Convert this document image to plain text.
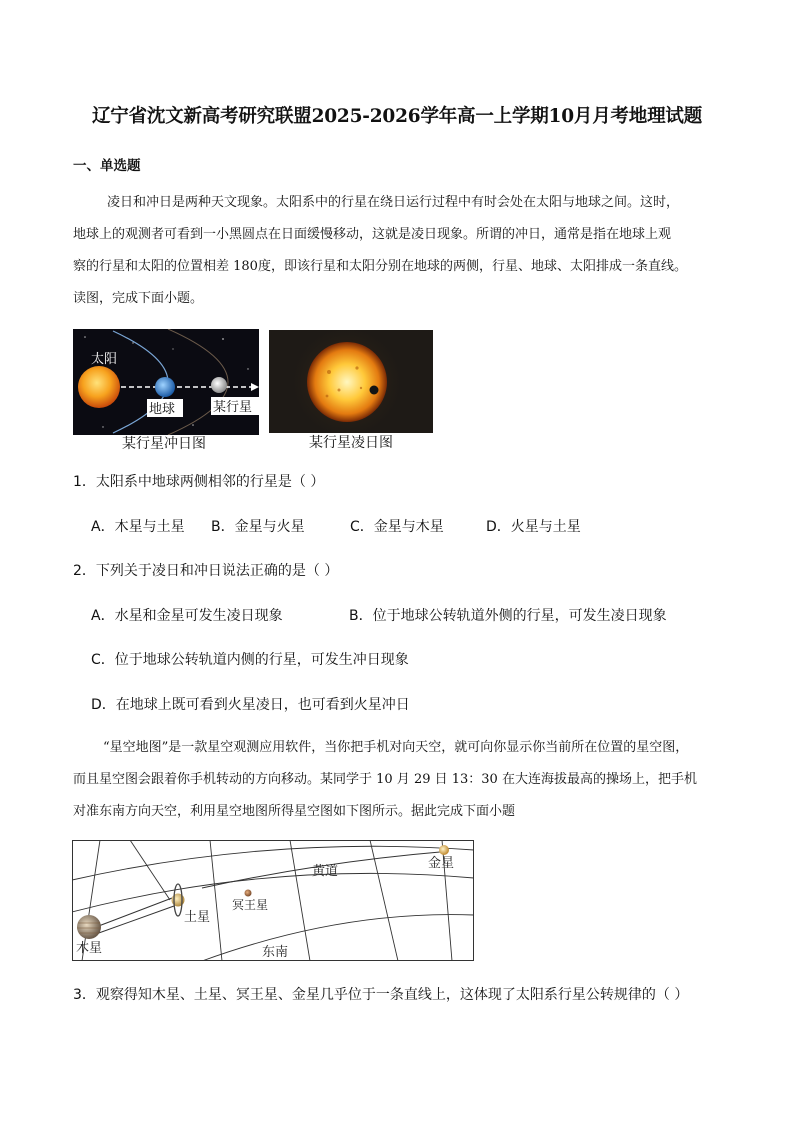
辽宁省沈文新高考研究联盟2025-2026学年高一上学期10月月考地理试题
一、单选题
凌日和冲日是两种天文现象。太阳系中的行星在绕日运行过程中有时会处在太阳与地球之间。这时，
地球上的观测者可看到一小黑圆点在日面缓慢移动，这就是凌日现象。所谓的冲日，通常是指在地球上观
察的行星和太阳的位置相差 180度，即该行星和太阳分别在地球的两侧，行星、地球、太阳排成一条直线。
读图，完成下面小题。
太阳
地球	某行星
某行星冲日图	某行星凌日图
1．太阳系中地球两侧相邻的行星是（ ）
A．木星与土星 B．金星与火星	C．金星与木星	D．火星与土星
2．下列关于凌日和冲日说法正确的是（ ）
A．水星和金星可发生凌日现象	B．位于地球公转轨道外侧的行星，可发生凌日现象
C．位于地球公转轨道内侧的行星，可发生冲日现象
D．在地球上既可看到火星凌日，也可看到火星冲日
“星空地图”是一款星空观测应用软件，当你把手机对向天空，就可向你显示你当前所在位置的星空图，
而且星空图会跟着你手机转动的方向移动。某同学于 10 月 29 日 13：30 在大连海拔最高的操场上，把手机
对准东南方向天空，利用星空地图所得星空图如下图所示。据此完成下面小题
黄道
金星
土星
冥王星
木星	东南
3．观察得知木星、土星、冥王星、金星几乎位于一条直线上，这体现了太阳系行星公转规律的（ ）
